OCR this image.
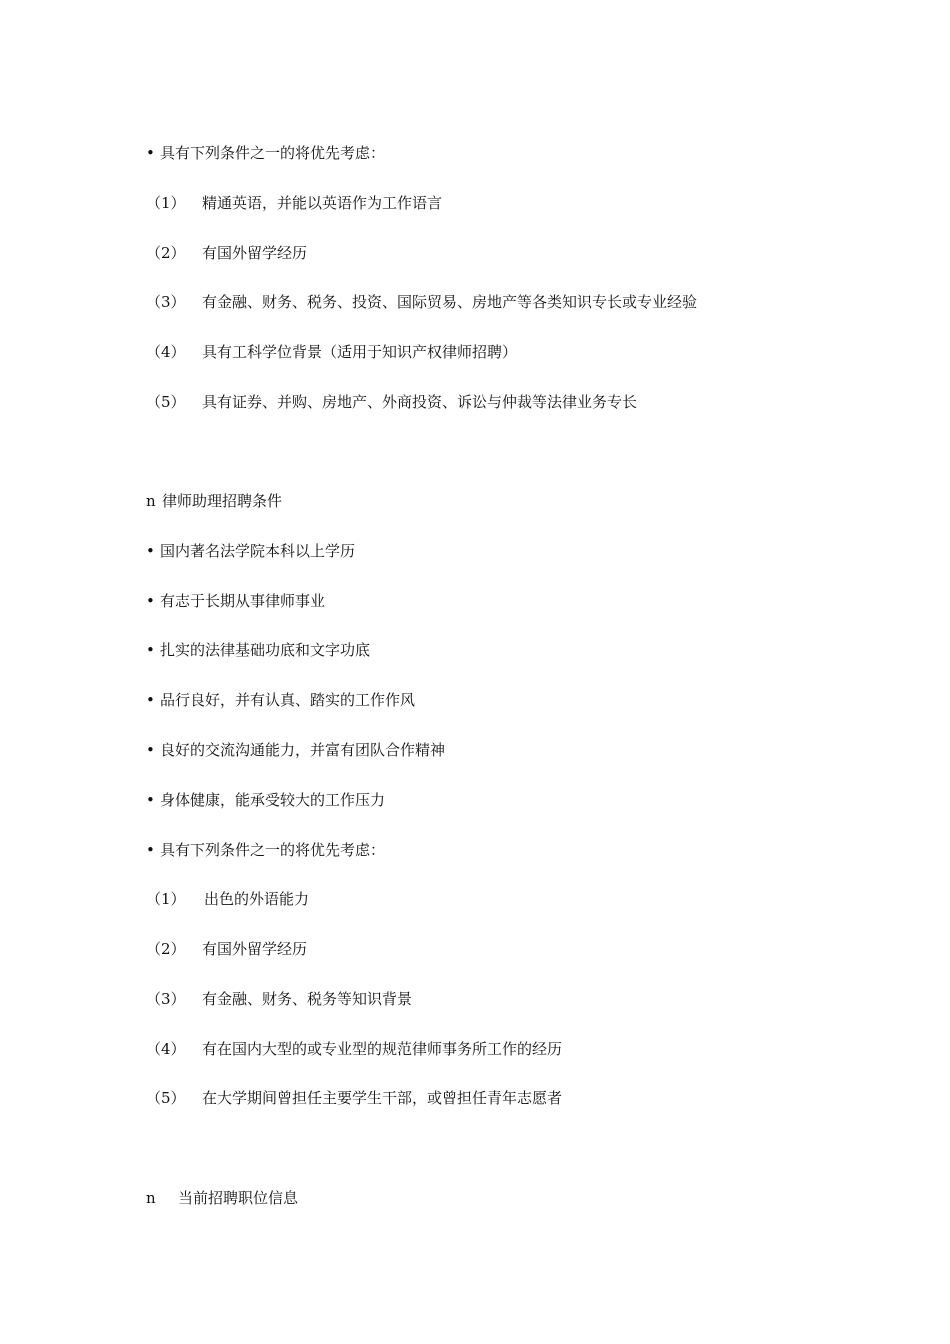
• 具有下列条件之一的将优先考虑：
（1） 精通英语，并能以英语作为工作语言
（2） 有国外留学经历
（3） 有金融、财务、税务、投资、国际贸易、房地产等各类知识专长或专业经验
（4） 具有工科学位背景（适用于知识产权律师招聘）
（5） 具有证券、并购、房地产、外商投资、诉讼与仲裁等法律业务专长
n 律师助理招聘条件
• 国内著名法学院本科以上学历
• 有志于长期从事律师事业
• 扎实的法律基础功底和文字功底
• 品行良好，并有认真、踏实的工作作风
• 良好的交流沟通能力，并富有团队合作精神
• 身体健康，能承受较大的工作压力
• 具有下列条件之一的将优先考虑：
（1） 出色的外语能力
（2） 有国外留学经历
（3） 有金融、财务、税务等知识背景
（4） 有在国内大型的或专业型的规范律师事务所工作的经历
（5） 在大学期间曾担任主要学生干部，或曾担任青年志愿者
n 当前招聘职位信息
